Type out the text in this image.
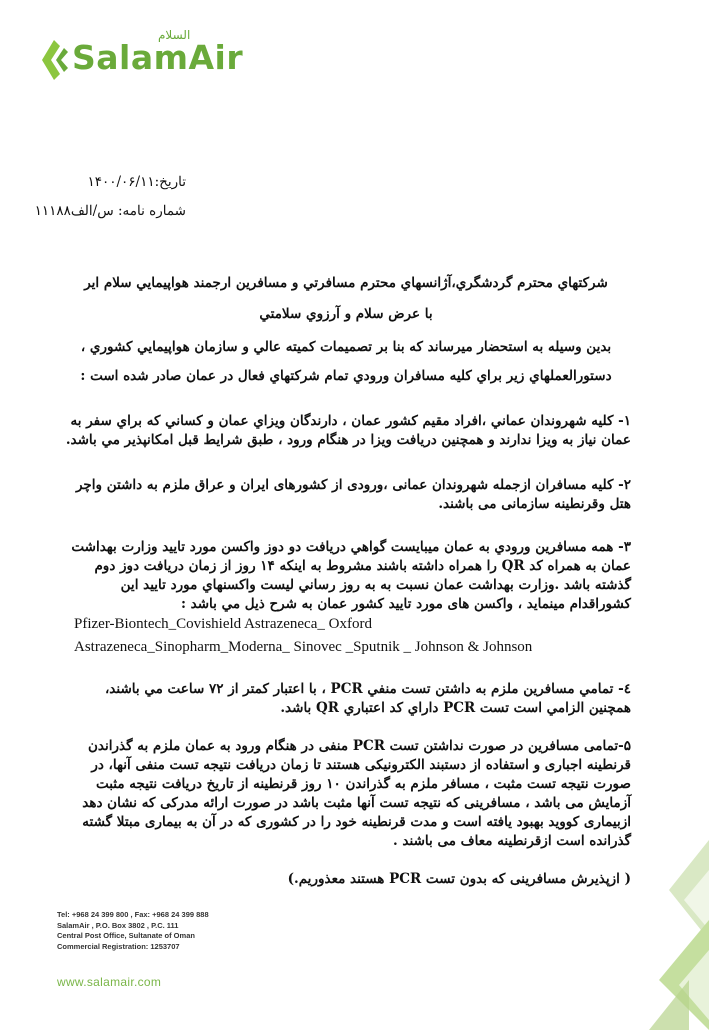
السلام
SalamAir
تاريخ:۱۴۰۰/۰۶/۱۱
شماره نامه: س/الف۱۱۱۸۸
شركتهاي محترم گردشگري،آژانسهاي محترم مسافرتي و مسافرين ارجمند هواپيمايي سلام اير
با عرض سلام و آرزوي سلامتي
بدين وسيله به استحضار ميرساند كه بنا بر تصميمات كميته عالي و سازمان هواپيمايي كشوري ،
دستورالعملهاي زير براي كليه مسافران ورودي تمام شركتهاي فعال در عمان صادر شده است :
۱- كليه شهروندان عماني ،افراد مقيم كشور عمان ، دارندگان ويزاي عمان و كساني كه براي سفر به عمان نياز به ويزا ندارند و همچنين دريافت ويزا در هنگام ورود ، طبق شرايط قبل امكانپذير مي باشد.
۲- كليه مسافران ازجمله شهروندان عمانی ،ورودی از کشورهای ایران و عراق ملزم به داشتن واچر هتل وقرنطینه سازمانی می باشند.
۳- همه مسافرين ورودي به عمان ميبايست گواهي دريافت دو دوز واكسن مورد تاييد وزارت بهداشت عمان به همراه كد QR را همراه داشته باشند مشروط به اينكه ۱۴ روز از زمان دريافت دوز دوم گذشته باشد .وزارت بهداشت عمان نسبت به به روز رساني ليست واكسنهاي مورد تاييد اين كشوراقدام مينمايد ، واکسن های مورد تاييد كشور عمان به شرح ذيل مي باشد :
Pfizer-Biontech_Covishield Astrazeneca_ Oxford
Astrazeneca_Sinopharm_Moderna_ Sinovec _Sputnik _ Johnson & Johnson
٤- تمامي مسافرين ملزم به داشتن تست منفي PCR ، با اعتبار كمتر از ۷۲ ساعت مي باشند، همچنين الزامي است تست PCR داراي كد اعتباري QR باشد.
۵-تمامی مسافرين در صورت نداشتن تست PCR منفی در هنگام ورود به عمان ملزم به گذراندن قرنطينه اجباری و استفاده از دستبند الكترونيكی هستند تا زمان دريافت نتيجه تست منفی آنها، در صورت نتيجه تست مثبت ، مسافر ملزم به گذراندن ۱۰ روز قرنطينه از تاريخ دريافت نتيجه مثبت آزمايش می باشد ، مسافرينی كه نتيجه تست آنها مثبت باشد در صورت ارائه مدركی كه نشان دهد ازبيماری كوويد بهبود يافته است و مدت قرنطينه خود را در كشوری كه در آن به بيماری مبتلا گشته گذرانده است ازقرنطينه معاف می باشند .
( ازپذیرش مسافرینی که بدون تست PCR هستند معذوریم.)
Tel: +968 24 399 800 , Fax: +968 24 399 888
SalamAir , P.O. Box 3802 , P.C. 111
Central Post Office, Sultanate of Oman
Commercial Registration: 1253707
www.salamair.com
